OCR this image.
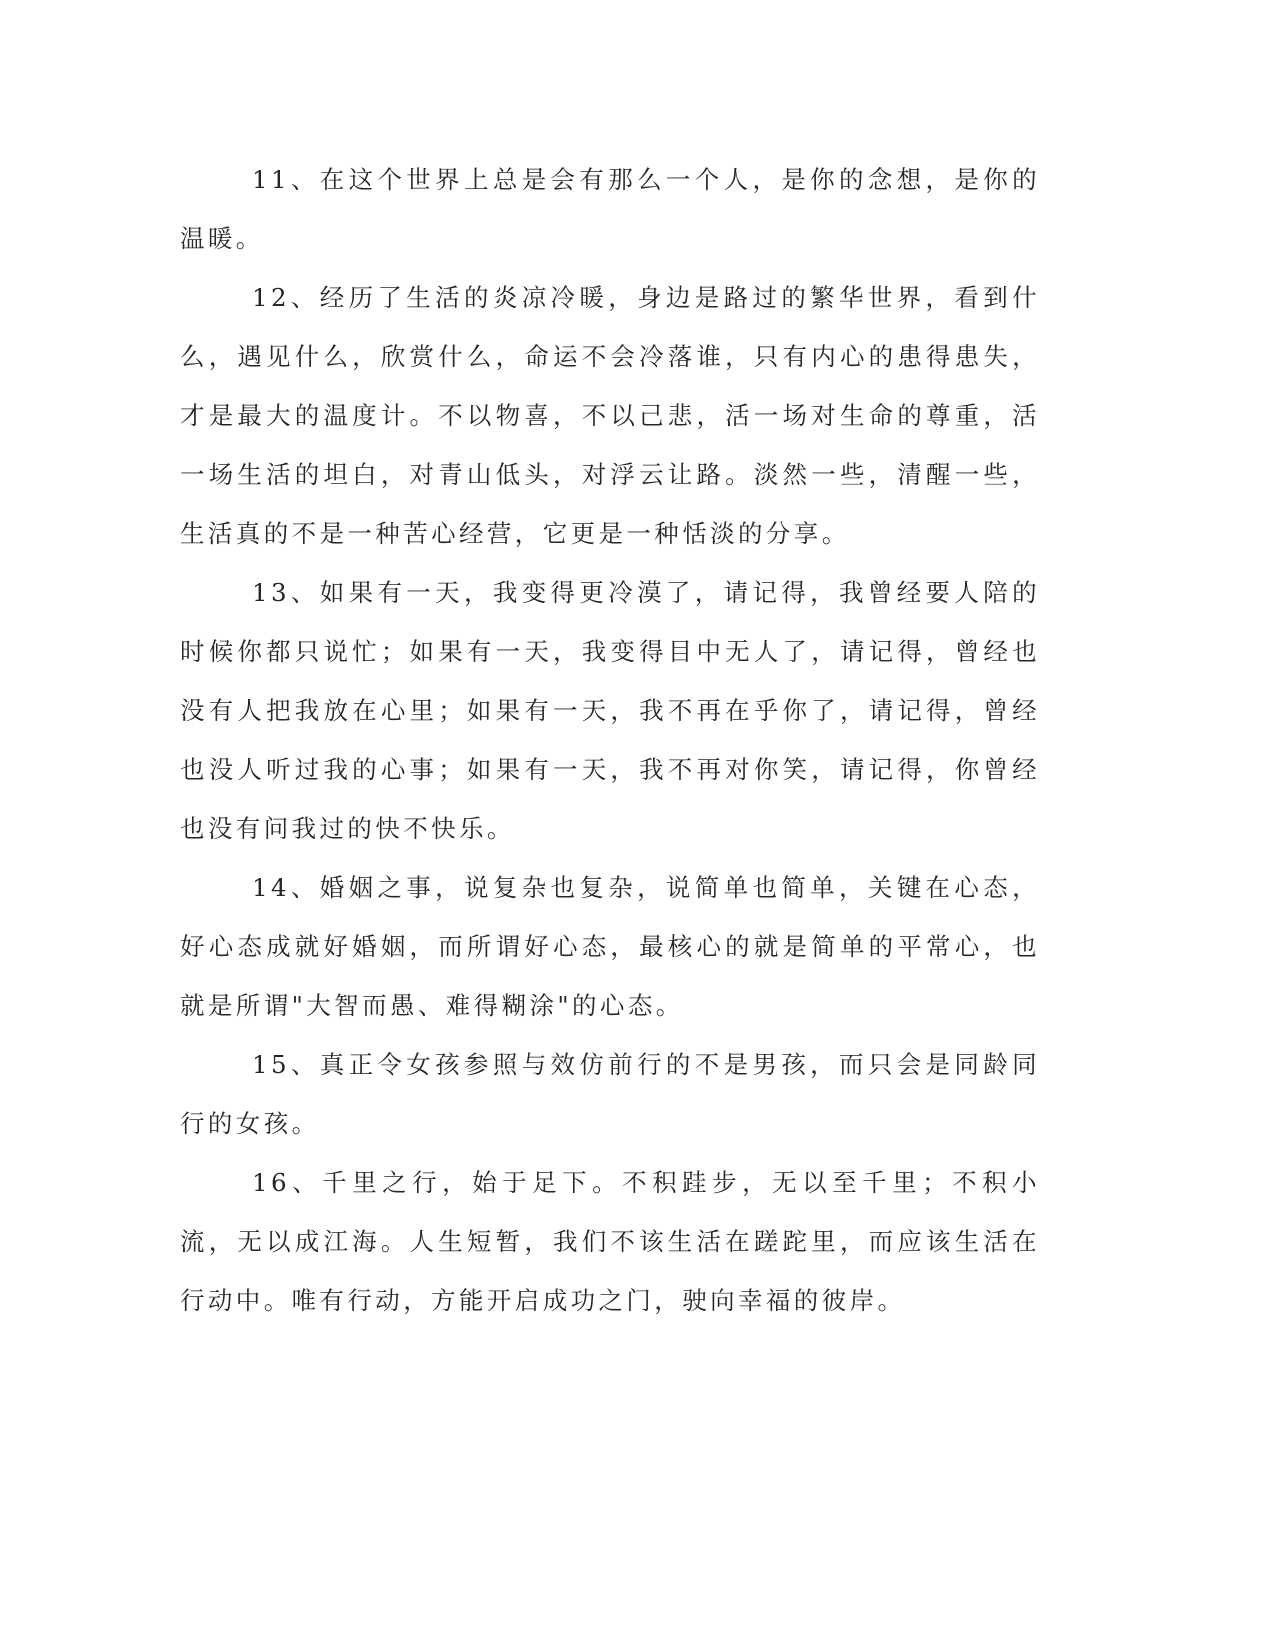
11、在这个世界上总是会有那么一个人，是你的念想，是你的温暖。

12、经历了生活的炎凉冷暖，身边是路过的繁华世界，看到什么，遇见什么，欣赏什么，命运不会冷落谁，只有内心的患得患失，才是最大的温度计。不以物喜，不以己悲，活一场对生命的尊重，活一场生活的坦白，对青山低头，对浮云让路。淡然一些，清醒一些，生活真的不是一种苦心经营，它更是一种恬淡的分享。

13、如果有一天，我变得更冷漠了，请记得，我曾经要人陪的时候你都只说忙；如果有一天，我变得目中无人了，请记得，曾经也没有人把我放在心里；如果有一天，我不再在乎你了，请记得，曾经也没人听过我的心事；如果有一天，我不再对你笑，请记得，你曾经也没有问我过的快不快乐。

14、婚姻之事，说复杂也复杂，说简单也简单，关键在心态，好心态成就好婚姻，而所谓好心态，最核心的就是简单的平常心，也就是所谓"大智而愚、难得糊涂"的心态。

15、真正令女孩参照与效仿前行的不是男孩，而只会是同龄同行的女孩。

16、千里之行，始于足下。不积跬步，无以至千里；不积小流，无以成江海。人生短暂，我们不该生活在蹉跎里，而应该生活在行动中。唯有行动，方能开启成功之门，驶向幸福的彼岸。
